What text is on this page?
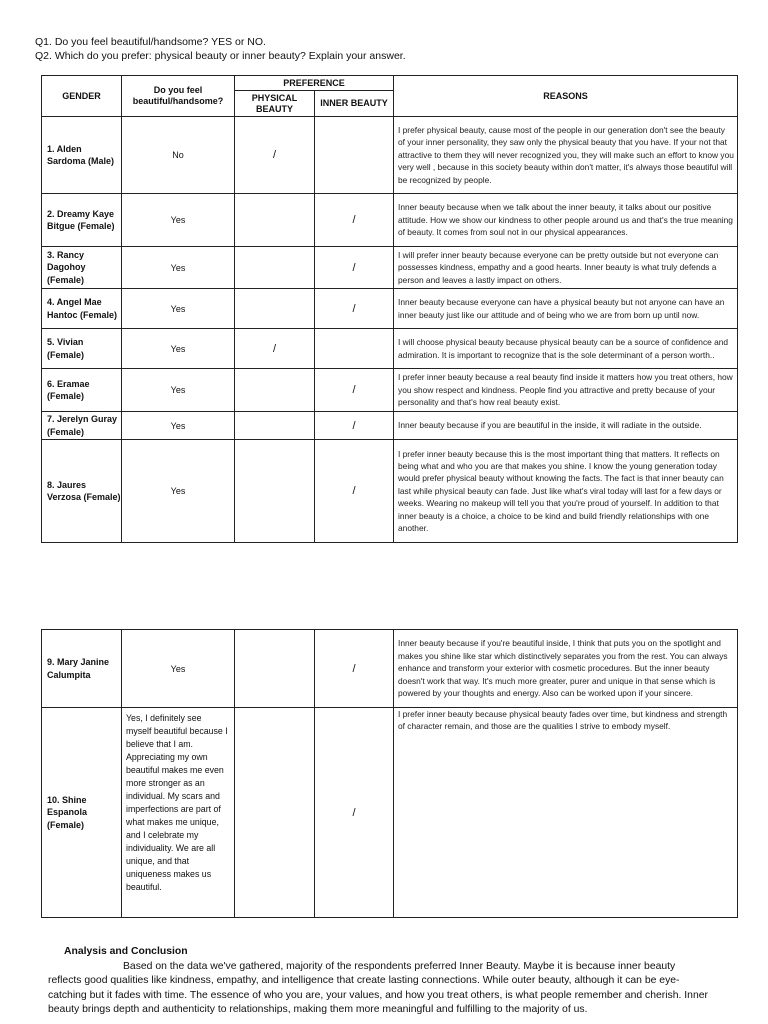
Q1. Do you feel beautiful/handsome? YES or NO.
Q2. Which do you prefer: physical beauty or inner beauty? Explain your answer.
GENDER	Do you feel beautiful/handsome?	PREFERENCE		REASONS
		PHYSICAL BEAUTY	INNER BEAUTY	
1. Alden Sardoma (Male)	No	/		I prefer physical beauty, cause most of the people in our generation don't see the beauty of your inner personality, they saw only the physical beauty that you have. If your not that attractive to them they will never recognized you, they will make such an effort to know you very well , because in this society beauty within don't matter, it's always those beautiful will be recognized by people.
2. Dreamy Kaye Bitgue (Female)	Yes		/	Inner beauty because when we talk about the inner beauty, it talks about our positive attitude. How we show our kindness to other people around us and that's the true meaning of beauty. It comes from soul not in our physical appearances.
3. Rancy Dagohoy (Female)	Yes		/	I will prefer inner beauty because everyone can be pretty outside but not everyone can possesses kindness, empathy and a good hearts. Inner beauty is what truly defends a person and leaves a lastly impact on others.
4. Angel Mae Hantoc (Female)	Yes		/	Inner beauty because everyone can have a physical beauty but not anyone can have an inner beauty just like our attitude and of being who we are from born up until now.
5. Vivian (Female)	Yes	/		I will choose physical beauty because physical beauty can be a source of confidence and admiration. It is important to recognize that is the sole determinant of a person worth..
6. Eramae (Female)	Yes		/	I prefer inner beauty because a real beauty find inside it matters how you treat others, how you show respect and kindness. People find you attractive and pretty because of your personality and that's how real beauty exist.
7. Jerelyn Guray (Female)	Yes		/	Inner beauty because if you are beautiful in the inside, it will radiate in the outside.
8. Jaures Verzosa (Female)	Yes		/	I prefer inner beauty because this is the most important thing that matters. It reflects on being what and who you are that makes you shine. I know the young generation today would prefer physical beauty without knowing the facts. The fact is that inner beauty can last while physical beauty can fade. Just like what's viral today will last for a few days or weeks. Wearing no makeup will tell you that you're proud of yourself. In addition to that inner beauty is a choice, a choice to be kind and build friendly relationships with one another.
9. Mary Janine Calumpita	Yes		/	Inner beauty because if you're beautiful inside, I think that puts you on the spotlight and makes you shine like star which distinctively separates you from the rest. You can always enhance and transform your exterior with cosmetic procedures. But the inner beauty doesn't work that way. It's much more greater, purer and unique in that sense which is powered by your thoughts and energy. Also can be worked upon if your sincere.
10. Shine Espanola (Female)	Yes, I definitely see myself beautiful because I believe that I am. Appreciating my own beautiful makes me even more stronger as an individual. My scars and imperfections are part of what makes me unique, and I celebrate my individuality. We are all unique, and that uniqueness makes us beautiful.		/	I prefer inner beauty because physical beauty fades over time, but kindness and strength of character remain, and those are the qualities I strive to embody myself.
Analysis and Conclusion

Based on the data we've gathered, majority of the respondents preferred Inner Beauty. Maybe it is because inner beauty reflects good qualities like kindness, empathy, and intelligence that create lasting connections. While outer beauty, although it can be eye-catching but it fades with time. The essence of who you are, your values, and how you treat others, is what people remember and cherish. Inner beauty brings depth and authenticity to relationships, making them more meaningful and fulfilling to the majority of us.
